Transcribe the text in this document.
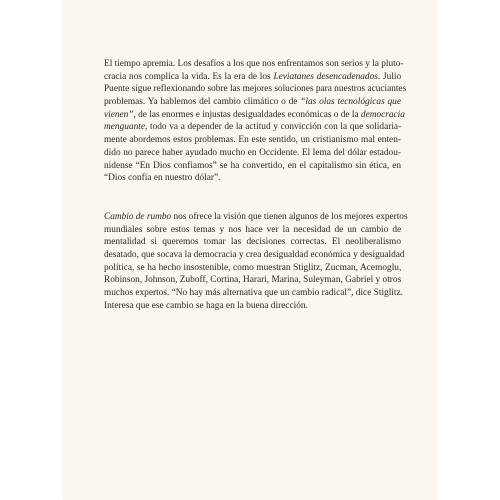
El tiempo apremia. Los desafíos a los que nos enfrentamos son serios y la pluto-
cracia nos complica la vida. Es la era de los Leviatanes desencadenados. Julio
Puente sigue reflexionando sobre las mejores soluciones para nuestros acuciantes
problemas. Ya hablemos del cambio climático o de “las olas tecnológicas que
vienen”, de las enormes e injustas desigualdades económicas o de la democracia
menguante, todo va a depender de la actitud y convicción con la que solidaria-
mente abordemos estos problemas. En este sentido, un cristianismo mal enten-
dido no parece haber ayudado mucho en Occidente. El lema del dólar estadou-
nidense “En Dios confiamos” se ha convertido, en el capitalismo sin ética, en
“Dios confía en nuestro dólar”.
Cambio de rumbo nos ofrece la visión que tienen algunos de los mejores expertos
mundiales sobre estos temas y nos hace ver la necesidad de un cambio de
mentalidad si queremos tomar las decisiones correctas. El neoliberalismo
desatado, que socava la democracia y crea desigualdad económica y desigualdad
política, se ha hecho insostenible, como muestran Stiglitz, Zucman, Acemoglu,
Robinson, Johnson, Zuboff, Cortina, Harari, Marina, Suleyman, Gabriel y otros
muchos expertos. “No hay más alternativa que un cambio radical”, dice Stiglitz.
Interesa que ese cambio se haga en la buena dirección.
